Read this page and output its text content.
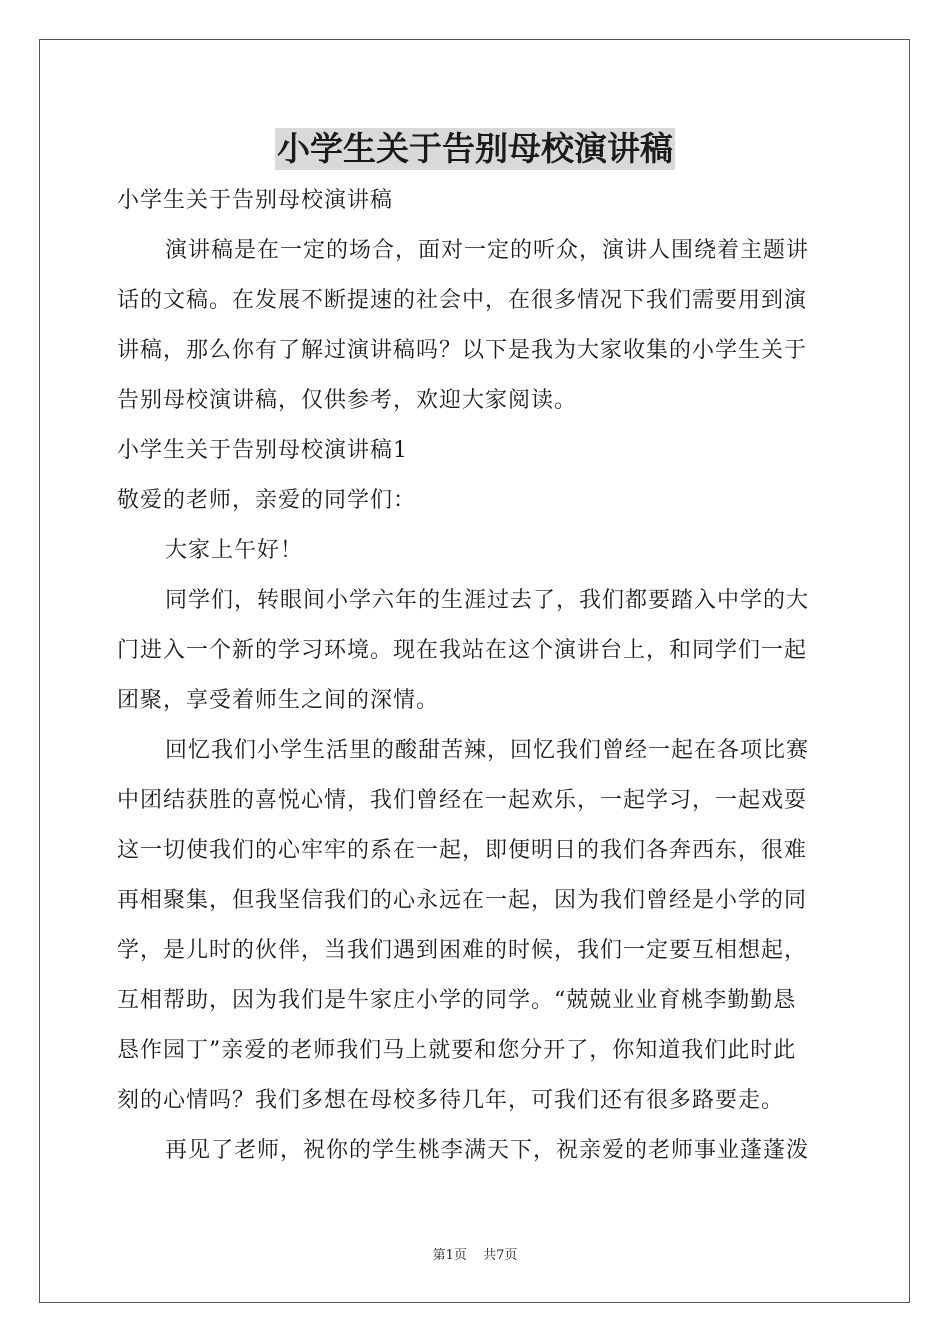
小学生关于告别母校演讲稿
小学生关于告别母校演讲稿
演讲稿是在一定的场合，面对一定的听众，演讲人围绕着主题讲
话的文稿。在发展不断提速的社会中，在很多情况下我们需要用到演
讲稿，那么你有了解过演讲稿吗？以下是我为大家收集的小学生关于
告别母校演讲稿，仅供参考，欢迎大家阅读。
小学生关于告别母校演讲稿1
敬爱的老师，亲爱的同学们：
大家上午好！
同学们，转眼间小学六年的生涯过去了，我们都要踏入中学的大
门进入一个新的学习环境。现在我站在这个演讲台上，和同学们一起
团聚，享受着师生之间的深情。
回忆我们小学生活里的酸甜苦辣，回忆我们曾经一起在各项比赛
中团结获胜的喜悦心情，我们曾经在一起欢乐，一起学习，一起戏耍
这一切使我们的心牢牢的系在一起，即便明日的我们各奔西东，很难
再相聚集，但我坚信我们的心永远在一起，因为我们曾经是小学的同
学，是儿时的伙伴，当我们遇到困难的时候，我们一定要互相想起，
互相帮助，因为我们是牛家庄小学的同学。“兢兢业业育桃李勤勤恳
恳作园丁”亲爱的老师我们马上就要和您分开了，你知道我们此时此
刻的心情吗？我们多想在母校多待几年，可我们还有很多路要走。
再见了老师，祝你的学生桃李满天下，祝亲爱的老师事业蓬蓬泼
第1页 共7页
